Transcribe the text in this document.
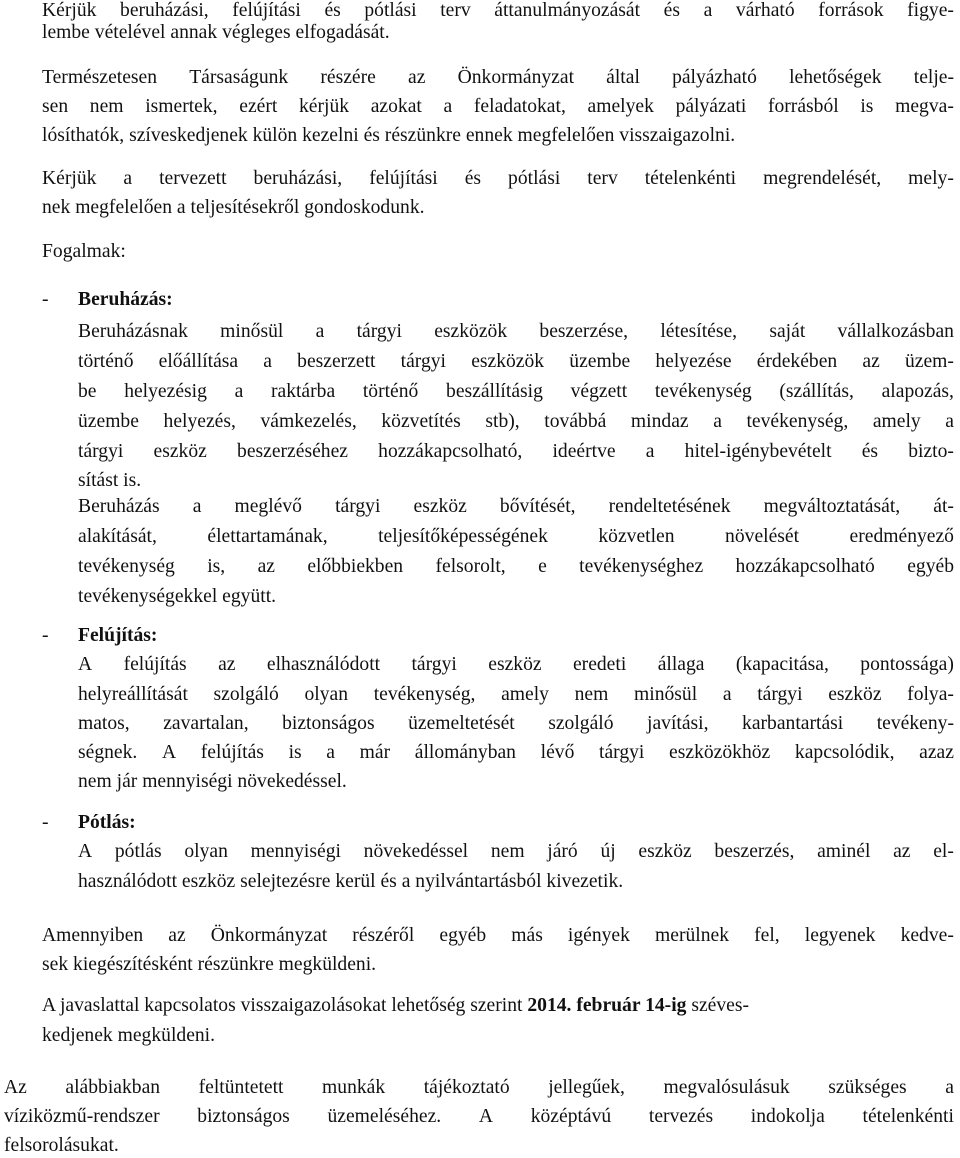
Kérjük beruházási, felújítási és pótlási terv áttanulmányozását és a várható források figye-
lembe vételével annak végleges elfogadását.
Természetesen Társaságunk részére az Önkormányzat által pályázható lehetőségek telje-
sen nem ismertek, ezért kérjük azokat a feladatokat, amelyek pályázati forrásból is megva-
lósíthatók, szíveskedjenek külön kezelni és részünkre ennek megfelelően visszaigazolni.
Kérjük a tervezett beruházási, felújítási és pótlási terv tételenkénti megrendelését, mely-
nek megfelelően a teljesítésekről gondoskodunk.
Fogalmak:
- Beruházás:
Beruházásnak minősül a tárgyi eszközök beszerzése, létesítése, saját vállalkozásban
történő előállítása a beszerzett tárgyi eszközök üzembe helyezése érdekében az üzem-
be helyezésig a raktárba történő beszállításig végzett tevékenység (szállítás, alapozás,
üzembe helyezés, vámkezelés, közvetítés stb), továbbá mindaz a tevékenység, amely a
tárgyi eszköz beszerzéséhez hozzákapcsolható, ideértve a hitel-igénybevételt és bizto-
sítást is.
Beruházás a meglévő tárgyi eszköz bővítését, rendeltetésének megváltoztatását, át-
alakítását,	élettartamának,	teljesítőképességének	közvetlen	növelését	eredményező
tevékenység is, az előbbiekben felsorolt, e tevékenységhez hozzákapcsolható egyéb
tevékenységekkel együtt.
- Felújítás:
A felújítás az elhasználódott tárgyi eszköz eredeti állaga (kapacitása, pontossága)
helyreállítását szolgáló olyan tevékenység, amely nem minősül a tárgyi eszköz folya-
matos, zavartalan, biztonságos üzemeltetését szolgáló javítási, karbantartási tevékeny-
ségnek. A felújítás is a már állományban lévő tárgyi eszközökhöz kapcsolódik, azaz
nem jár mennyiségi növekedéssel.
- Pótlás:
A pótlás olyan mennyiségi növekedéssel nem járó új eszköz beszerzés, aminél az el-
használódott eszköz selejtezésre kerül és a nyilvántartásból kivezetik.
Amennyiben az Önkormányzat részéről egyéb más igények merülnek fel, legyenek kedve-
sek kiegészítésként részünkre megküldeni.
A javaslattal kapcsolatos visszaigazolásokat lehetőség szerint 2014. február 14-ig széves-
kedjenek megküldeni.
Az alábbiakban feltüntetett munkák tájékoztató jellegűek, megvalósulásuk szükséges a
víziközmű-rendszer biztonságos üzemeléséhez. A középtávú tervezés indokolja tételenkénti
felsorolásukat.
